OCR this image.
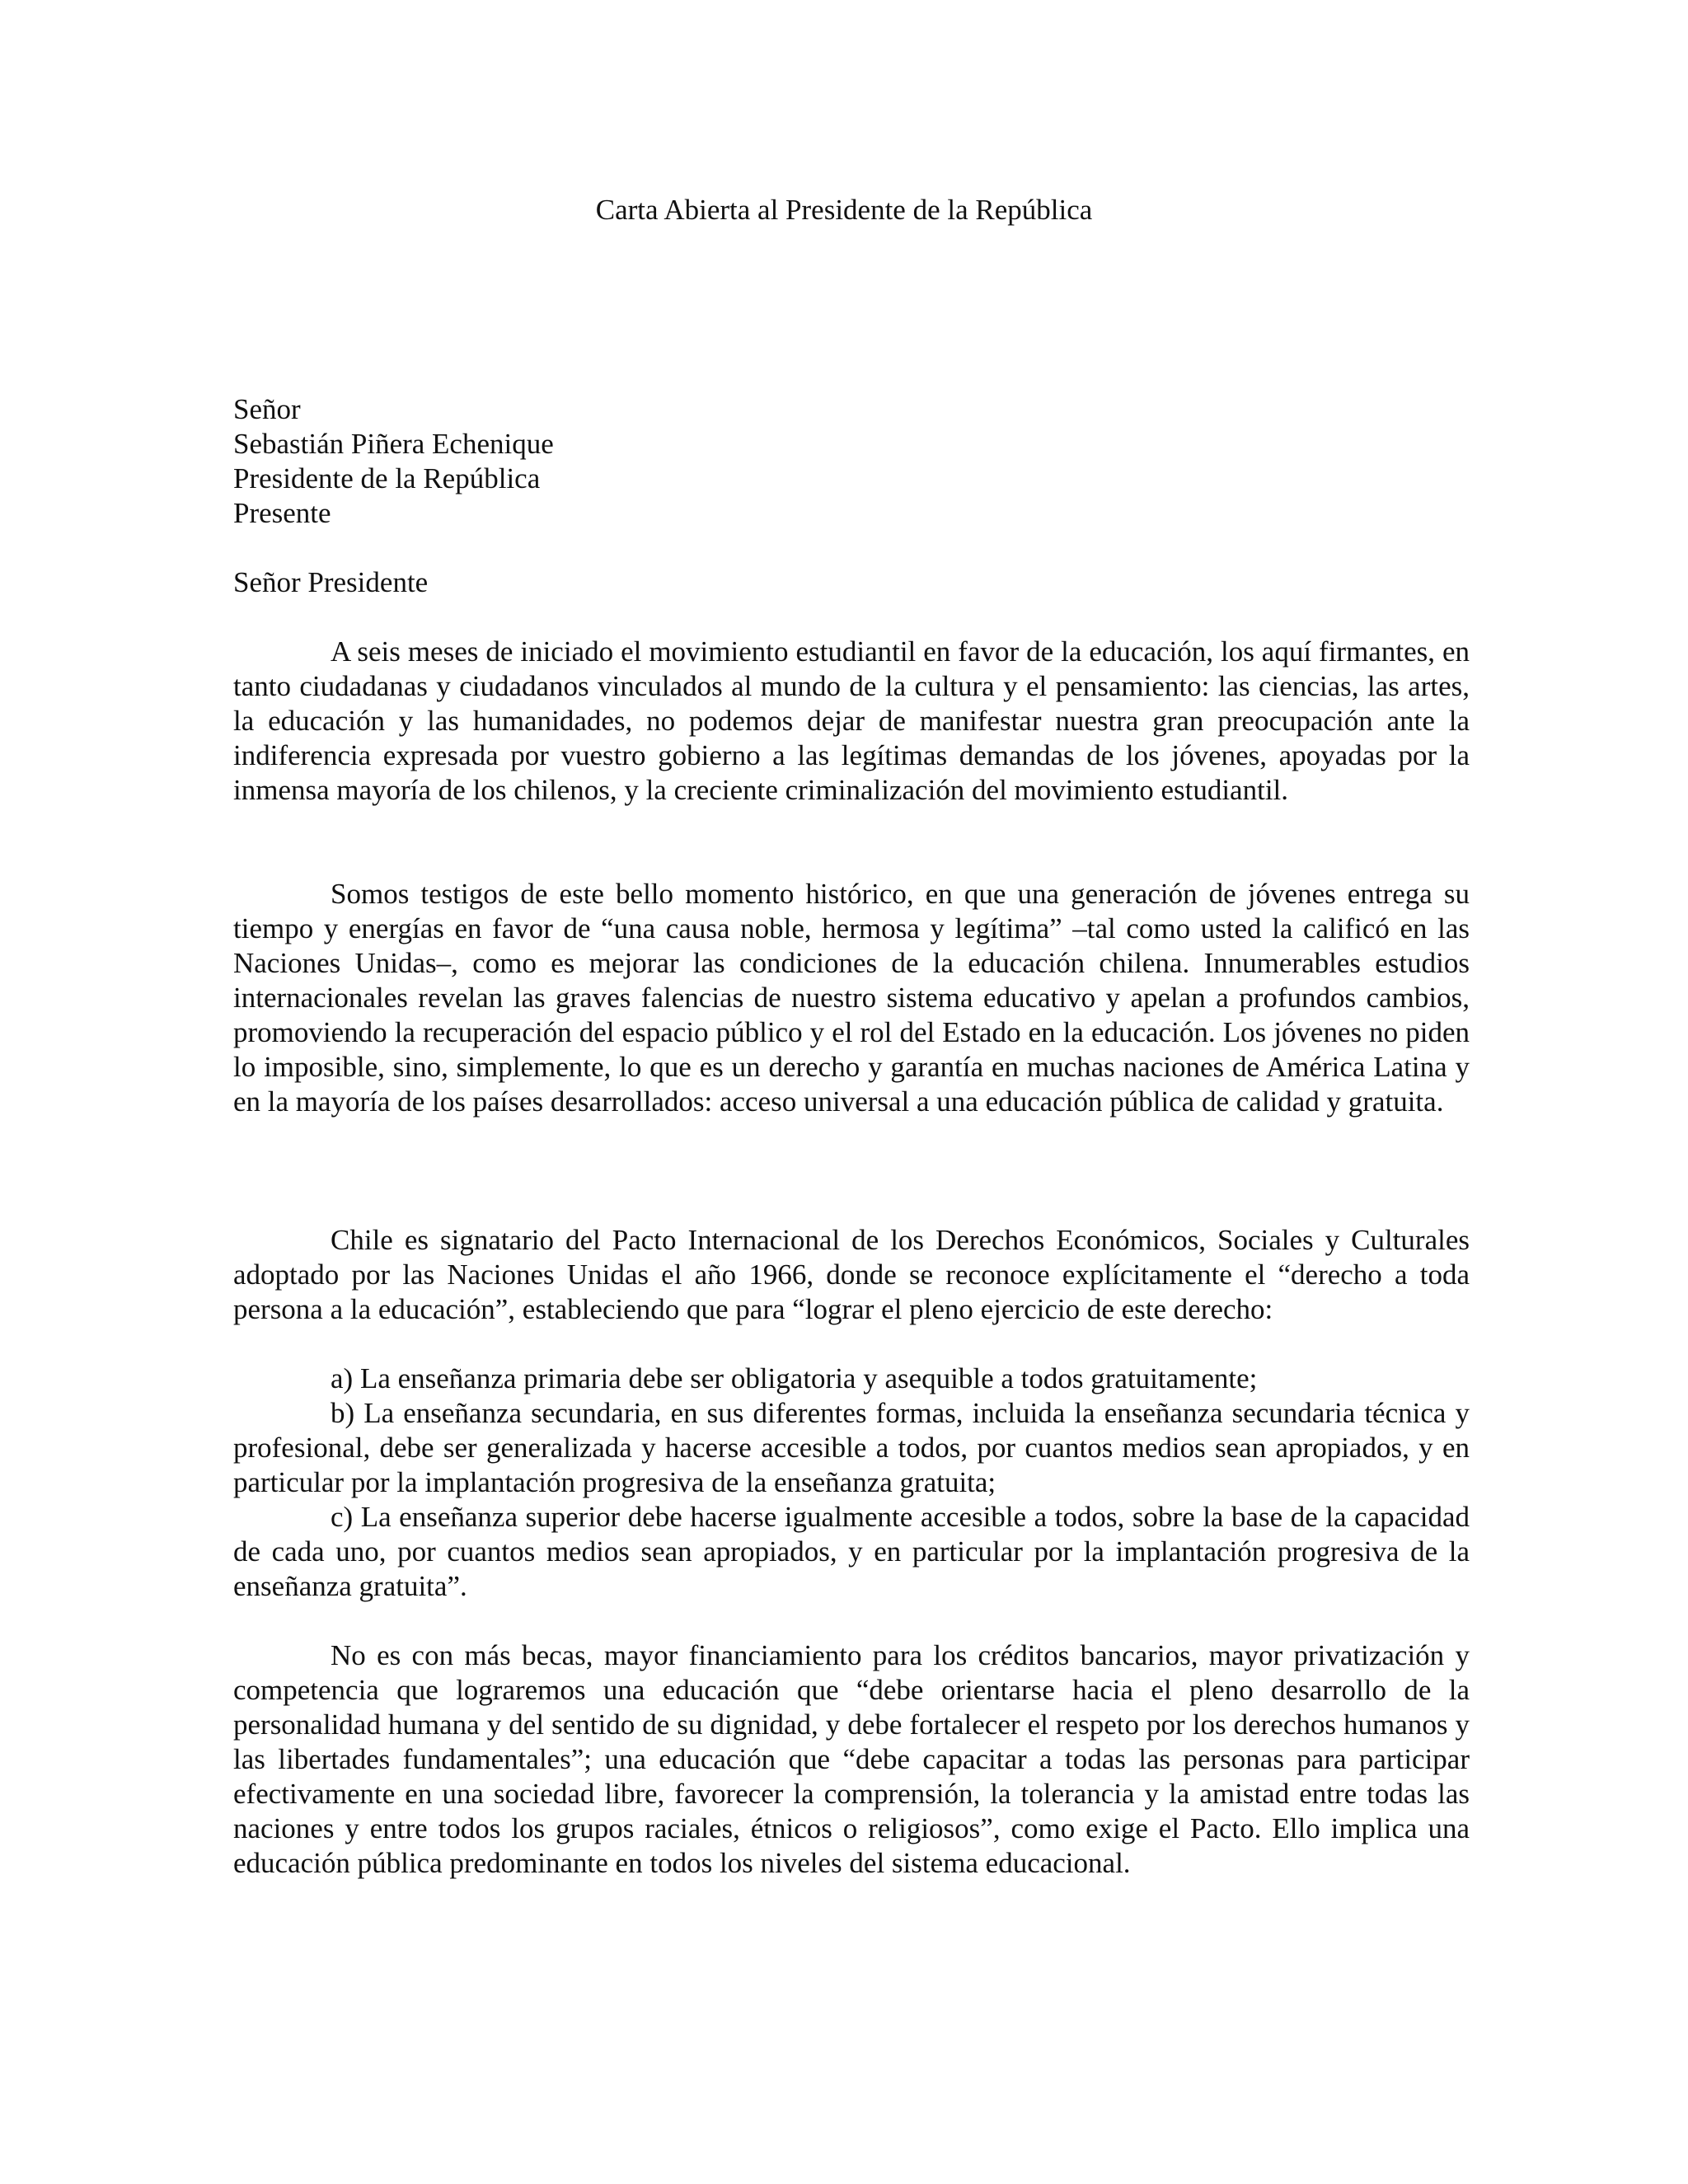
Carta Abierta al Presidente de la República
Señor
Sebastián Piñera Echenique
Presidente de la República
Presente
Señor Presidente
A seis meses de iniciado el movimiento estudiantil en favor de la educación, los aquí firmantes, en tanto ciudadanas y ciudadanos vinculados al mundo de la cultura y el pensamiento: las ciencias, las artes, la educación y las humanidades, no podemos dejar de manifestar nuestra gran preocupación ante la indiferencia expresada por vuestro gobierno a las legítimas demandas de los jóvenes, apoyadas por la inmensa mayoría de los chilenos, y la creciente criminalización del movimiento estudiantil.
Somos testigos de este bello momento histórico, en que una generación de jóvenes entrega su tiempo y energías en favor de “una causa noble, hermosa y legítima” –tal como usted la calificó en las Naciones Unidas–, como es mejorar las condiciones de la educación chilena. Innumerables estudios internacionales revelan las graves falencias de nuestro sistema educativo y apelan a profundos cambios, promoviendo la recuperación del espacio público y el rol del Estado en la educación. Los jóvenes no piden lo imposible, sino, simplemente, lo que es un derecho y garantía en muchas naciones de América Latina y en la mayoría de los países desarrollados: acceso universal a una educación pública de calidad y gratuita.
Chile es signatario del Pacto Internacional de los Derechos Económicos, Sociales y Culturales adoptado por las Naciones Unidas el año 1966, donde se reconoce explícitamente el “derecho a toda persona a la educación”, estableciendo que para “lograr el pleno ejercicio de este derecho:
a) La enseñanza primaria debe ser obligatoria y asequible a todos gratuitamente;
b) La enseñanza secundaria, en sus diferentes formas, incluida la enseñanza secundaria técnica y profesional, debe ser generalizada y hacerse accesible a todos, por cuantos medios sean apropiados, y en particular por la implantación progresiva de la enseñanza gratuita;
c) La enseñanza superior debe hacerse igualmente accesible a todos, sobre la base de la capacidad de cada uno, por cuantos medios sean apropiados, y en particular por la implantación progresiva de la enseñanza gratuita”.
No es con más becas, mayor financiamiento para los créditos bancarios, mayor privatización y competencia que lograremos una educación que “debe orientarse hacia el pleno desarrollo de la personalidad humana y del sentido de su dignidad, y debe fortalecer el respeto por los derechos humanos y las libertades fundamentales”; una educación que “debe capacitar a todas las personas para participar efectivamente en una sociedad libre, favorecer la comprensión, la tolerancia y la amistad entre todas las naciones y entre todos los grupos raciales, étnicos o religiosos”, como exige el Pacto. Ello implica una educación pública predominante en todos los niveles del sistema educacional.
